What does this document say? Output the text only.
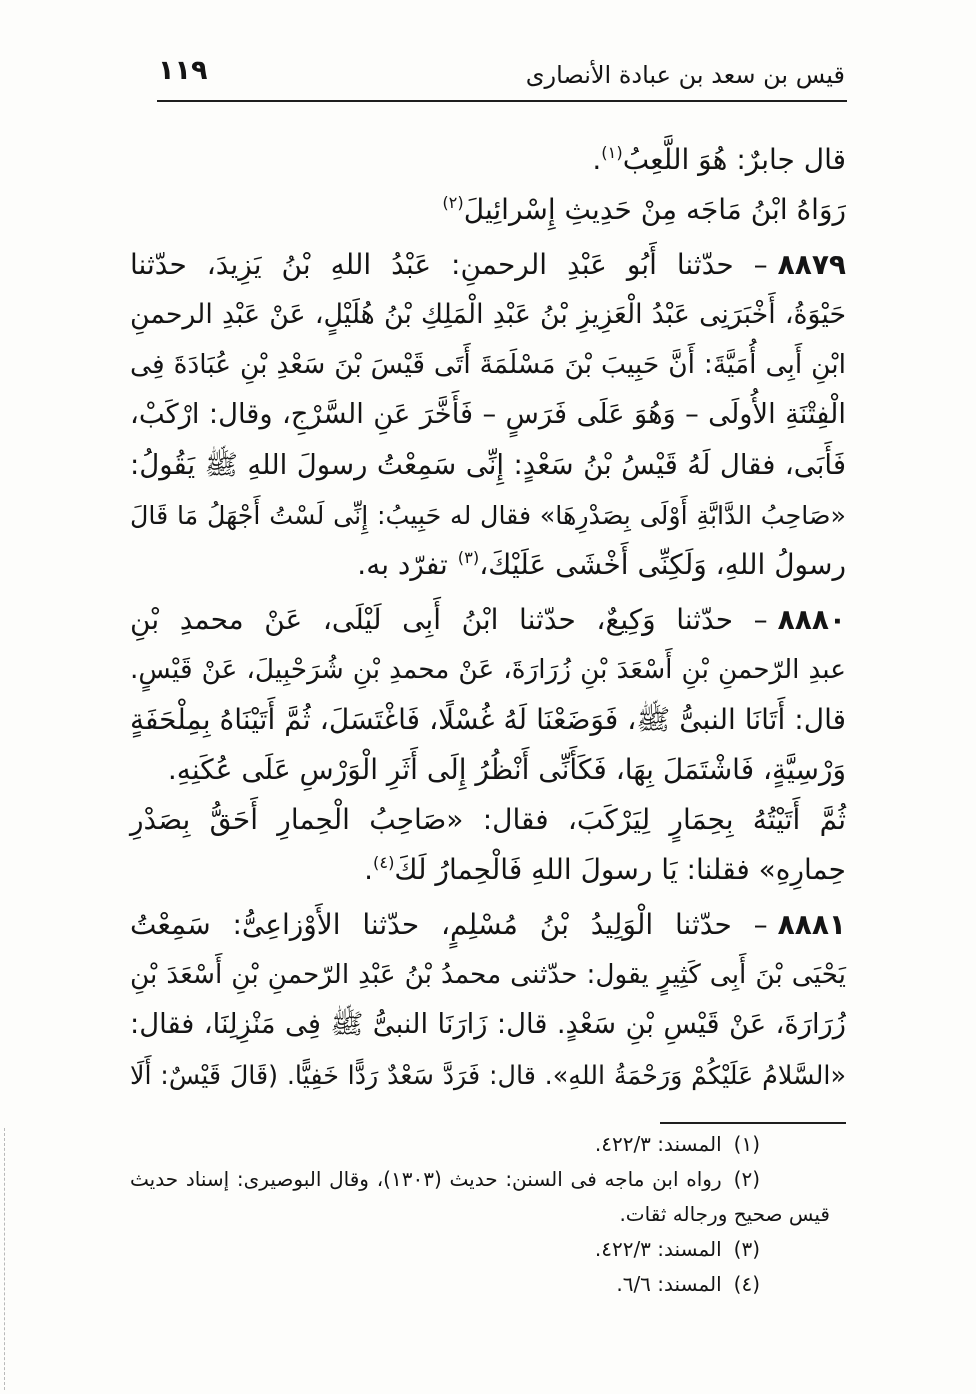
قيس بن سعد بن عبادة الأنصارى
١١٩
قال جابرٌ: هُوَ اللَّعِبُ$^{(١)}$.
رَوَاهُ ابْنُ مَاجَه مِنْ حَدِيثِ إِسْرائِيلَ$^{(٢)}$
٨٨٧٩– حدّثنا أَبُو عَبْدِ الرحمنِ: عَبْدُ اللهِ بْنُ يَزِيدَ، حدّثنا
حَيْوَةُ، أَخْبَرَنِى عَبْدُ الْعَزِيزِ بْنُ عَبْدِ الْمَلِكِ بْنُ هُلَيْلٍ، عَنْ عَبْدِ الرحمنِ
ابْنِ أَبِى أُمَيَّةَ: أَنَّ حَبِيبَ بْنَ مَسْلَمَةَ أَتَى قَيْسَ بْنَ سَعْدِ بْنِ عُبَادَةَ فِى
الْفِتْنَةِ الأُولَى – وَهُوَ عَلَى فَرَسٍ – فَأَخَّرَ عَنِ السَّرْجِ، وقال: ارْكَبْ،
فَأَبَى، فقال لَهُ قَيْسُ بْنُ سَعْدٍ: إِنِّى سَمِعْتُ رسولَ اللهِ ﷺ يَقُولُ:
«صَاحِبُ الدَّابَّةِ أَوْلَى بِصَدْرِهَا» فقال له حَبِيبُ: إِنِّى لَسْتُ أَجْهَلُ مَا قَالَ
رسولُ اللهِ، وَلَكِنِّى أَخْشَى عَلَيْكَ،$^{(٣)}$تفرّد به.
٨٨٨٠– حدّثنا وَكِيعٌ، حدّثنا ابْنُ أَبِى لَيْلَى، عَنْ محمدِ بْنِ
عبدِ الرّحمنِ بْنِ أَسْعَدَ بْنِ زُرَارَةَ، عَنْ محمدِ بْنِ شُرَحْبِيلَ، عَنْ قَيْسٍ.
قال: أَتَانَا النبىُّ ﷺ، فَوَضَعْنَا لَهُ غُسْلًا، فَاغْتَسَلَ، ثُمَّ أَتَيْنَاهُ بِمِلْحَفَةٍ
وَرْسِيَّةٍ، فَاشْتَمَلَ بِهَا، فَكَأَنِّى أَنْظُرُ إِلَى أَثَرِ الْوَرْسِ عَلَى عُكَنِهِ.
ثُمَّ أَتَيْتُهُ بِحِمَارٍ لِيَرْكَبَ، فقال: «صَاحِبُ الْحِمارِ أَحَقُّ بِصَدْرِ
حِمارِهِ» فقلنا: يَا رسولَ اللهِ فَالْحِمارُ لَكَ$^{(٤)}$.
٨٨٨١– حدّثنا الْوَلِيدُ بْنُ مُسْلِمٍ، حدّثنا الأَوْزاعِىُّ: سَمِعْتُ
يَحْيَى بْنَ أَبِى كَثِيرٍ يقول: حدّثنى محمدُ بْنُ عَبْدِ الرّحمنِ بْنِ أَسْعَدَ بْنِ
زُرَارَةَ، عَنْ قَيْسِ بْنِ سَعْدٍ. قال: زَارَنَا النبىُّ ﷺ فِى مَنْزِلِنَا، فقال:
«السَّلامُ عَلَيْكُمْ وَرَحْمَةُ اللهِ». قال: فَرَدَّ سَعْدٌ رَدًّا خَفِيًّا. (قَالَ قَيْسٌ: أَلَا
(١)المسند: ٤٢٢/٣.
(٢)رواه ابن ماجه فى السنن: حديث (١٣٠٣)، وقال البوصيرى: إسناد حديث
قيس صحيح ورجاله ثقات.
(٣)المسند: ٤٢٢/٣.
(٤)المسند: ٦/٦.
